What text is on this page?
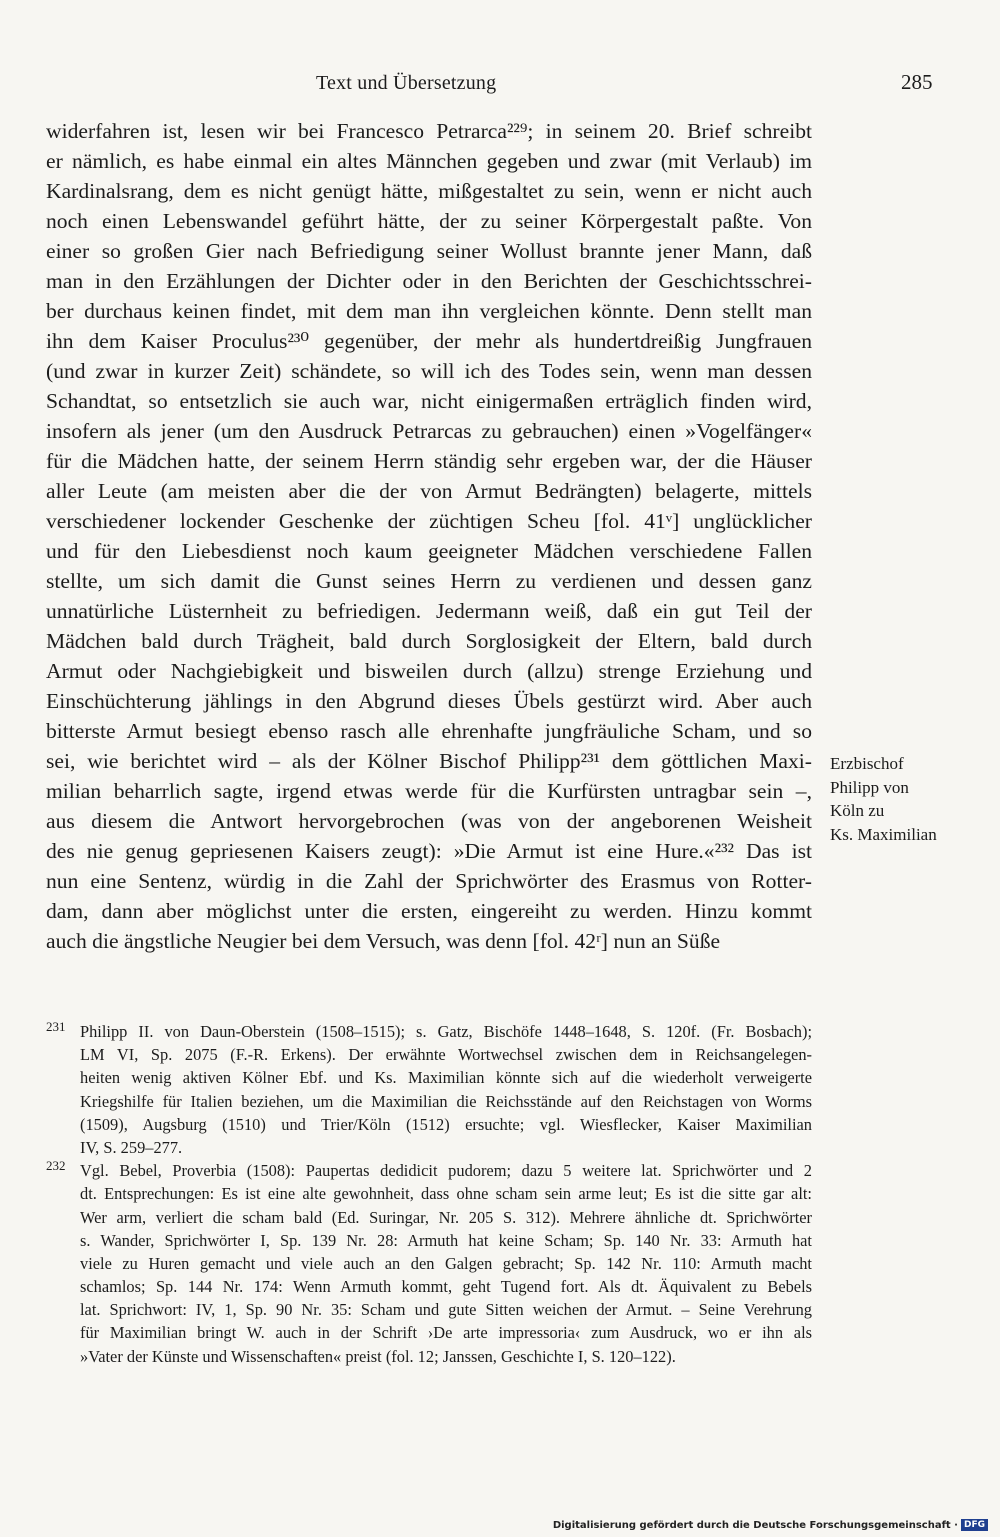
Text und Übersetzung	285
widerfahren ist, lesen wir bei Francesco Petrarca²²⁹; in seinem 20. Brief schreibt
er nämlich, es habe einmal ein altes Männchen gegeben und zwar (mit Verlaub) im
Kardinalsrang, dem es nicht genügt hätte, mißgestaltet zu sein, wenn er nicht auch
noch einen Lebenswandel geführt hätte, der zu seiner Körpergestalt paßte. Von
einer so großen Gier nach Befriedigung seiner Wollust brannte jener Mann, daß
man in den Erzählungen der Dichter oder in den Berichten der Geschichtsschrei-
ber durchaus keinen findet, mit dem man ihn vergleichen könnte. Denn stellt man
ihn dem Kaiser Proculus²³⁰ gegenüber, der mehr als hundertdreißig Jungfrauen
(und zwar in kurzer Zeit) schändete, so will ich des Todes sein, wenn man dessen
Schandtat, so entsetzlich sie auch war, nicht einigermaßen erträglich finden wird,
insofern als jener (um den Ausdruck Petrarcas zu gebrauchen) einen »Vogelfänger«
für die Mädchen hatte, der seinem Herrn ständig sehr ergeben war, der die Häuser
aller Leute (am meisten aber die der von Armut Bedrängten) belagerte, mittels
verschiedener lockender Geschenke der züchtigen Scheu [fol. 41ᵛ] unglücklicher
und für den Liebesdienst noch kaum geeigneter Mädchen verschiedene Fallen
stellte, um sich damit die Gunst seines Herrn zu verdienen und dessen ganz
unnatürliche Lüsternheit zu befriedigen. Jedermann weiß, daß ein gut Teil der
Mädchen bald durch Trägheit, bald durch Sorglosigkeit der Eltern, bald durch
Armut oder Nachgiebigkeit und bisweilen durch (allzu) strenge Erziehung und
Einschüchterung jählings in den Abgrund dieses Übels gestürzt wird. Aber auch
bitterste Armut besiegt ebenso rasch alle ehrenhafte jungfräuliche Scham, und so
sei, wie berichtet wird – als der Kölner Bischof Philipp²³¹ dem göttlichen Maxi-
milian beharrlich sagte, irgend etwas werde für die Kurfürsten untragbar sein –,
aus diesem die Antwort hervorgebrochen (was von der angeborenen Weisheit
des nie genug gepriesenen Kaisers zeugt): »Die Armut ist eine Hure.«²³² Das ist
nun eine Sentenz, würdig in die Zahl der Sprichwörter des Erasmus von Rotter-
dam, dann aber möglichst unter die ersten, eingereiht zu werden. Hinzu kommt
auch die ängstliche Neugier bei dem Versuch, was denn [fol. 42ʳ] nun an Süße
Erzbischof
Philipp von
Köln zu
Ks. Maximilian
231 Philipp II. von Daun-Oberstein (1508–1515); s. Gatz, Bischöfe 1448–1648, S. 120f. (Fr. Bosbach);
LM VI, Sp. 2075 (F.-R. Erkens). Der erwähnte Wortwechsel zwischen dem in Reichsangelegen-
heiten wenig aktiven Kölner Ebf. und Ks. Maximilian könnte sich auf die wiederholt verweigerte
Kriegshilfe für Italien beziehen, um die Maximilian die Reichsstände auf den Reichstagen von Worms
(1509), Augsburg (1510) und Trier/Köln (1512) ersuchte; vgl. Wiesflecker, Kaiser Maximilian
IV, S. 259–277.
232 Vgl. Bebel, Proverbia (1508): Paupertas dedidicit pudorem; dazu 5 weitere lat. Sprichwörter und 2
dt. Entsprechungen: Es ist eine alte gewohnheit, dass ohne scham sein arme leut; Es ist die sitte gar alt:
Wer arm, verliert die scham bald (Ed. Suringar, Nr. 205 S. 312). Mehrere ähnliche dt. Sprichwörter
s. Wander, Sprichwörter I, Sp. 139 Nr. 28: Armuth hat keine Scham; Sp. 140 Nr. 33: Armuth hat
viele zu Huren gemacht und viele auch an den Galgen gebracht; Sp. 142 Nr. 110: Armuth macht
schamlos; Sp. 144 Nr. 174: Wenn Armuth kommt, geht Tugend fort. Als dt. Äquivalent zu Bebels
lat. Sprichwort: IV, 1, Sp. 90 Nr. 35: Scham und gute Sitten weichen der Armut. – Seine Verehrung
für Maximilian bringt W. auch in der Schrift ›De arte impressoria‹ zum Ausdruck, wo er ihn als
»Vater der Künste und Wissenschaften« preist (fol. 12; Janssen, Geschichte I, S. 120–122).
Digitalisierung gefördert durch die Deutsche Forschungsgemeinschaft · DFG
